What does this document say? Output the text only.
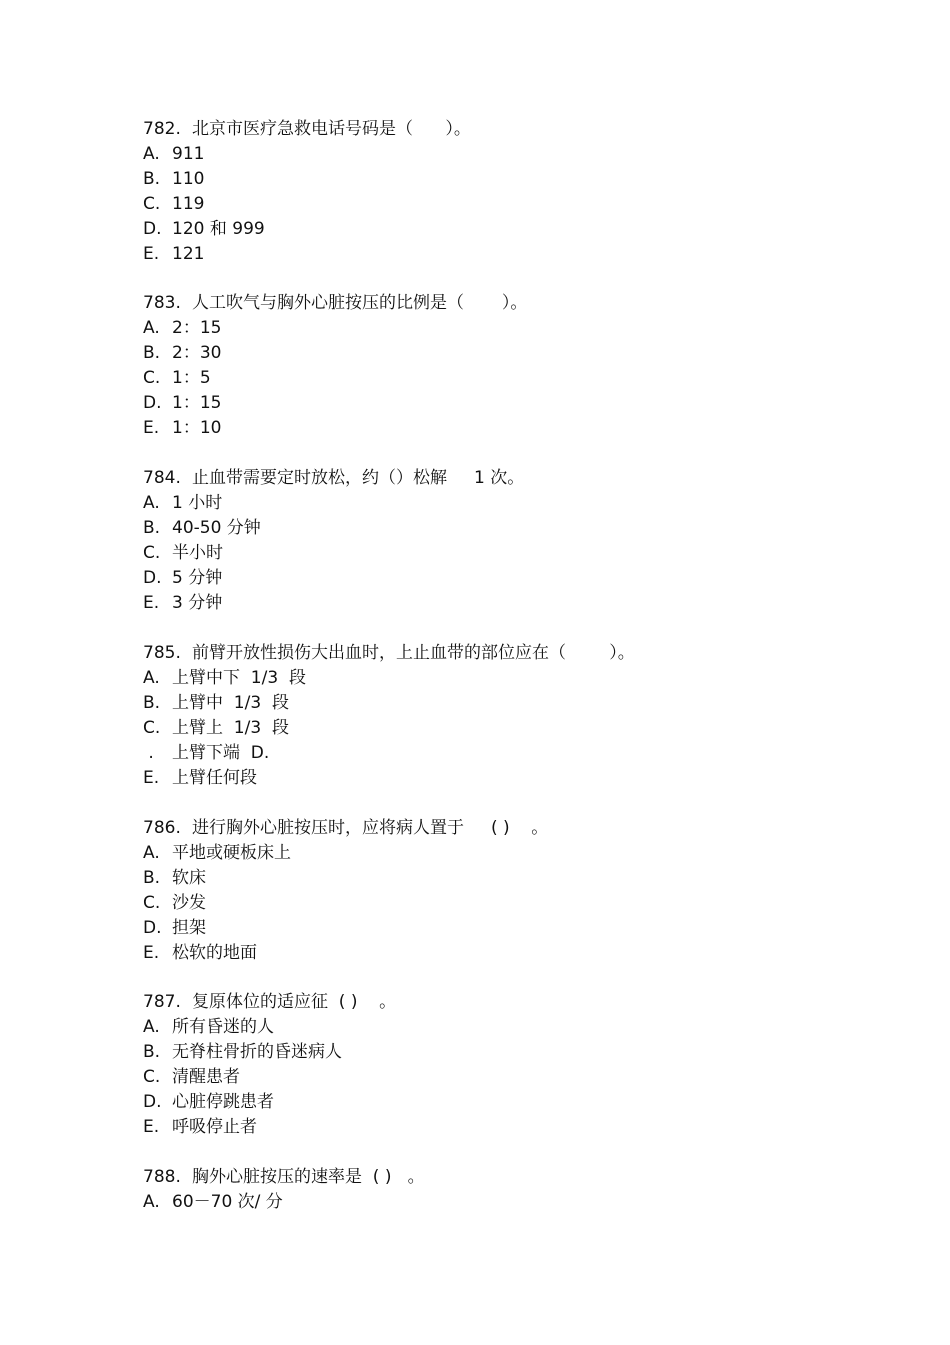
782. 北京市医疗急救电话号码是（      ）。
A. 911
B. 110
C. 119
D. 120 和 999
E. 121
783. 人工吹气与胸外心脏按压的比例是（       ）。
A. 2：15
B. 2：30
C. 1：5
D. 1：15
E. 1：10
784. 止血带需要定时放松，约（）松解     1 次。
A. 1 小时
B. 40-50 分钟
C. 半小时
D. 5 分钟
E. 3 分钟
785. 前臂开放性损伤大出血时，上止血带的部位应在（        ）。
A. 上臂中下  1/3  段
B. 上臂中  1/3  段
C. 上臂上  1/3  段
.	上臂下端  D.
E. 上臂任何段
786. 进行胸外心脏按压时，应将病人置于     ( )    。
A. 平地或硬板床上
B. 软床
C. 沙发
D. 担架
E. 松软的地面
787. 复原体位的适应征  ( )    。
A. 所有昏迷的人
B. 无脊柱骨折的昏迷病人
C. 清醒患者
D. 心脏停跳患者
E. 呼吸停止者
788. 胸外心脏按压的速率是  ( )   。
A. 60－70 次/ 分
